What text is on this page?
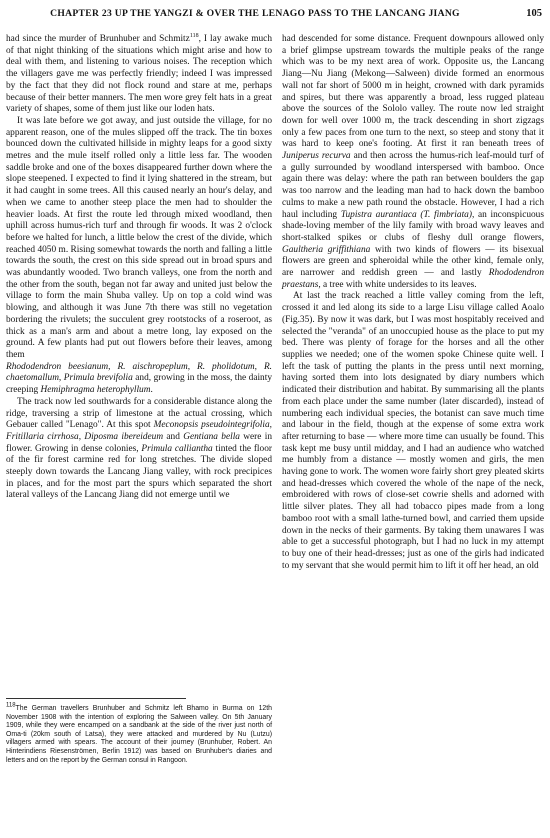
CHAPTER 23 UP THE YANGZI & OVER THE LENAGO PASS TO THE LANCANG JIANG	105

had since the murder of Brunhuber and Schmitz$^{118}$, I lay awake much of that night thinking of the situations which might arise and how to deal with them, and listening to various noises. The reception which the villagers gave me was perfectly friendly; indeed I was impressed by the fact that they did not flock round and stare at me, perhaps because of their better manners. The men wore grey felt hats in a great variety of shapes, some of them just like our loden hats.

It was late before we got away, and just outside the village, for no apparent reason, one of the mules slipped off the track. The tin boxes bounced down the cultivated hillside in mighty leaps for a good sixty metres and the mule itself rolled only a little less far. The wooden saddle broke and one of the boxes disappeared further down where the slope steepened. I expected to find it lying shattered in the stream, but it had caught in some trees. All this caused nearly an hour's delay, and when we came to another steep place the men had to shoulder the heavier loads. At first the route led through mixed woodland, then uphill across humus-rich turf and through fir woods. It was 2 o'clock before we halted for lunch, a little below the crest of the divide, which reached 4050 m. Rising somewhat towards the north and falling a little towards the south, the crest on this side spread out in broad spurs and was abundantly wooded. Two branch valleys, one from the north and the other from the south, began not far away and united just below the village to form the main Shuba valley. Up on top a cold wind was blowing, and although it was June 7th there was still no vegetation bordering the rivulets; the succulent grey rootstocks of a roseroot, as thick as a man's arm and about a metre long, lay exposed on the ground. A few plants had put out flowers before their leaves, among them

Rhododendron beesianum, R. aischropeplum, R. pholidotum, R. chaetomallum, Primula brevifolia and, growing in the moss, the dainty creeping Hemiphragma heterophyllum.

The track now led southwards for a considerable distance along the ridge, traversing a strip of limestone at the actual crossing, which Gebauer called "Lenago". At this spot Meconopsis pseudointegrifolia, Fritillaria cirrhosa, Diposma ibereideum and Gentiana bella were in flower. Growing in dense colonies, Primula calliantha tinted the floor of the fir forest carmine red for long stretches. The divide sloped steeply down towards the Lancang Jiang valley, with rock precipices in places, and for the most part the spurs which separated the short lateral valleys of the Lancang Jiang did not emerge until we

had descended for some distance. Frequent downpours allowed only a brief glimpse upstream towards the multiple peaks of the range which was to be my next area of work. Opposite us, the Lancang Jiang—Nu Jiang (Mekong—Salween) divide formed an enormous wall not far short of 5000 m in height, crowned with dark pyramids and spires, but there was apparently a broad, less rugged plateau above the sources of the Sololo valley. The route now led straight down for well over 1000 m, the track descending in short zigzags only a few paces from one turn to the next, so steep and stony that it was hard to keep one's footing. At first it ran beneath trees of Juniperus recurva and then across the humus-rich leaf-mould turf of a gully surrounded by woodland interspersed with bamboo. Once again there was delay: where the path ran between boulders the gap was too narrow and the leading man had to hack down the bamboo culms to make a new path round the obstacle. However, I had a rich haul including Tupistra aurantiaca (T. fimbriata), an inconspicuous shade-loving member of the lily family with broad wavy leaves and short-stalked spikes or clubs of fleshy dull orange flowers, Gaultheria griffithiana with two kinds of flowers — its bisexual flowers are green and spheroidal while the other kind, female only, are narrower and reddish green — and lastly Rhododendron praestans, a tree with white undersides to its leaves.

At last the track reached a little valley coming from the left, crossed it and led along its side to a large Lisu village called Aoalo (Fig.35). By now it was dark, but I was most hospitably received and selected the "veranda" of an unoccupied house as the place to put my bed. There was plenty of forage for the horses and all the other supplies we needed; one of the women spoke Chinese quite well. I left the task of putting the plants in the press until next morning, having sorted them into lots designated by diary numbers which indicated their distribution and habitat. By summarising all the plants from each place under the same number (later discarded), instead of numbering each individual species, the botanist can save much time and labour in the field, though at the expense of some extra work after returning to base — where more time can usually be found. This task kept me busy until midday, and I had an audience who watched me humbly from a distance — mostly women and girls, the men having gone to work. The women wore fairly short grey pleated skirts and head-dresses which covered the whole of the nape of the neck, embroidered with rows of close-set cowrie shells and adorned with little silver plates. They all had tobacco pipes made from a long bamboo root with a small lathe-turned bowl, and carried them upside down in the necks of their garments. By taking them unawares I was able to get a successful photograph, but I had no luck in my attempt to buy one of their head-dresses; just as one of the girls had indicated to my servant that she would permit him to lift it off her head, an old

$^{118}$The German travellers Brunhuber and Schmitz left Bhamo in Burma on 12th November 1908 with the intention of exploring the Salween valley. On 5th January 1909, while they were encamped on a sandbank at the side of the river just north of Oma-ti (20km south of Latsa), they were attacked and murdered by Nu (Lutzu) villagers armed with spears. The account of their journey (Brunhuber, Robert. An Hinterindiens Riesenströmen, Berlin 1912) was based on Brunhuber's diaries and letters and on the report by the German consul in Rangoon.
